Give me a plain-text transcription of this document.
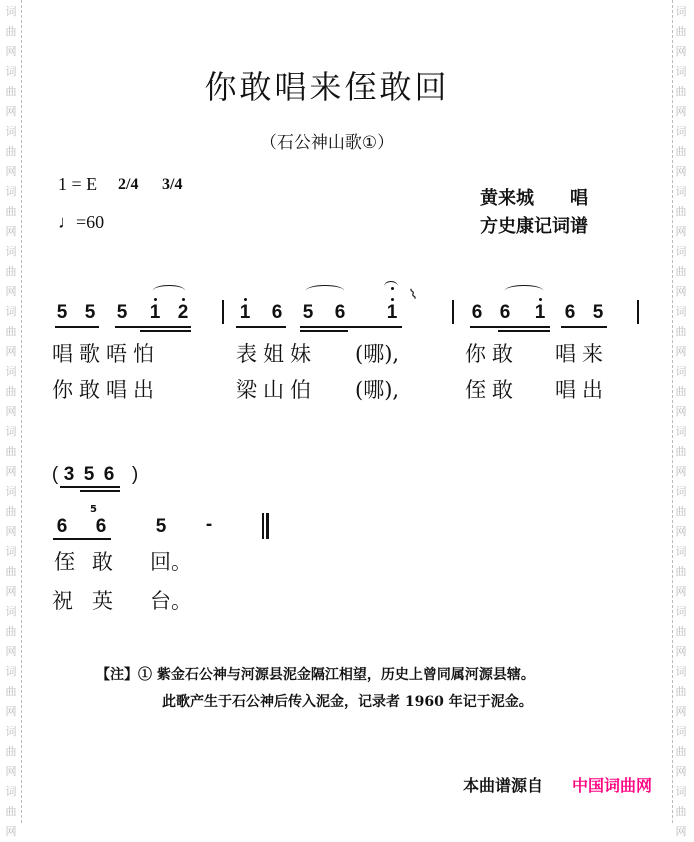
词
曲
网
词
曲
网
词
曲
网
词
曲
网
词
曲
网
词
曲
网
词
曲
网
词
曲
网
词
曲
网
词
曲
网
词
曲
网
词
曲
网
词
曲
网
词
曲
网
词
曲
网
词
曲
网
词
曲
网
词
曲
网
词
曲
网
词
曲
网
词
曲
网
词
曲
网
词
曲
网
词
曲
网
词
曲
网
词
曲
网
词
曲
网
词
曲
网
你敢唱来侄敢回
（石公神山歌①）
1 = E 2/4 3/4
♩=60
黄来城　　唱
方史康记词谱
5 5 5 1 2	1 6 5 6 1
⌇
6 6 1 6 5
唱歌唔怕	表姐妹 (哪),	你敢 唱来
你敢唱出	梁山伯 (哪),	侄敢 唱出
( 3 5 6 )
5
6 6	5 -
侄 敢 回。
祝 英 台。
【注】① 紫金石公神与河源县泥金隔江相望，历史上曾同属河源县辖。
此歌产生于石公神后传入泥金，记录者 1960 年记于泥金。
本曲谱源自 中国词曲网
